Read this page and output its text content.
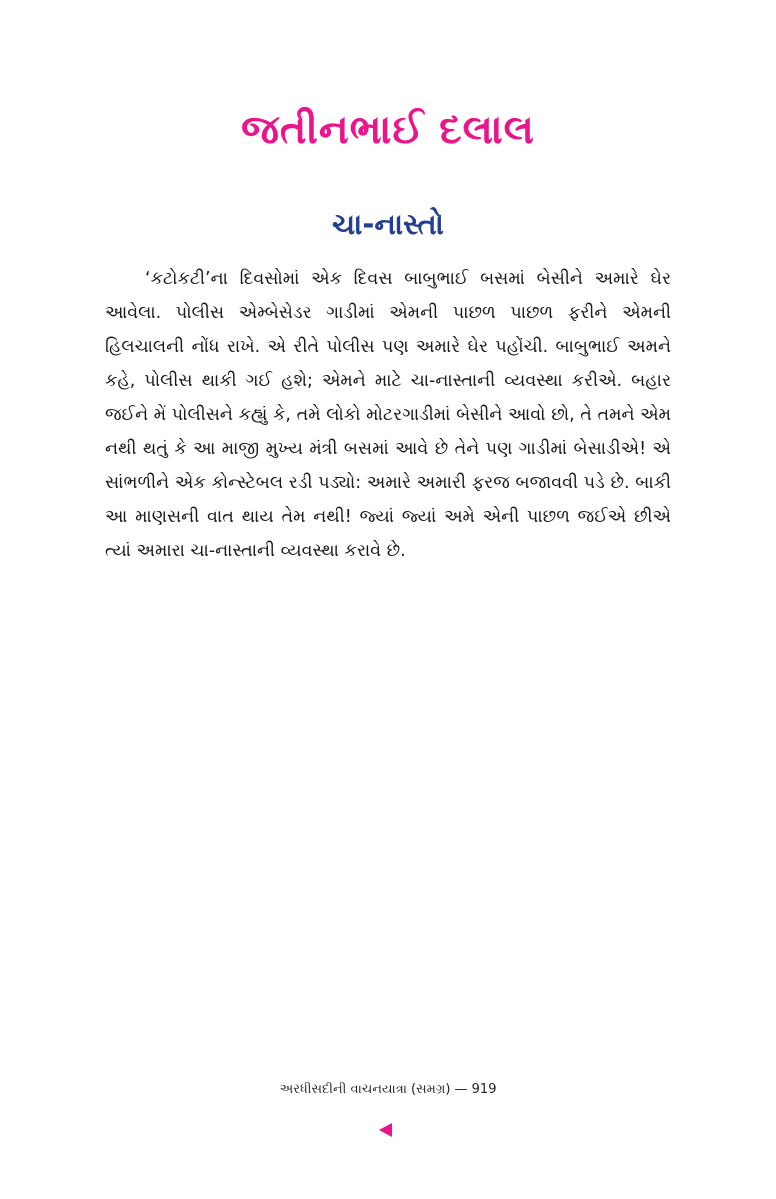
જતીનભાઈ દલાલ
ચા-નાસ્તો

‘કટોકટી’ના દિવસોમાં એક દિવસ બાબુભાઈ બસમાં બેસીને અમારે ઘેર આવેલા. પોલીસ એમ્બેસેડર ગાડીમાં એમની પાછળ પાછળ ફરીને એમની હિલચાલની નોંધ રાખે. એ રીતે પોલીસ પણ અમારે ઘેર પહોંચી. બાબુભાઈ અમને કહે, પોલીસ થાકી ગઈ હશે; એમને માટે ચા-નાસ્તાની વ્યવસ્થા કરીએ. બહાર જઈને મેં પોલીસને કહ્યું કે, તમે લોકો મોટરગાડીમાં બેસીને આવો છો, તે તમને એમ નથી થતું કે આ માજી મુખ્ય મંત્રી બસમાં આવે છે તેને પણ ગાડીમાં બેસાડીએ! એ સાંભળીને એક કોન્સ્ટેબલ રડી પડ્યો: અમારે અમારી ફરજ બજાવવી પડે છે. બાકી આ માણસની વાત થાય તેમ નથી! જ્યાં જ્યાં અમે એની પાછળ જઈએ છીએ ત્યાં અમારા ચા-નાસ્તાની વ્યવસ્થા કરાવે છે.

અરધીસદીની વાચનયાત્રા (સમગ્ર) — 919
